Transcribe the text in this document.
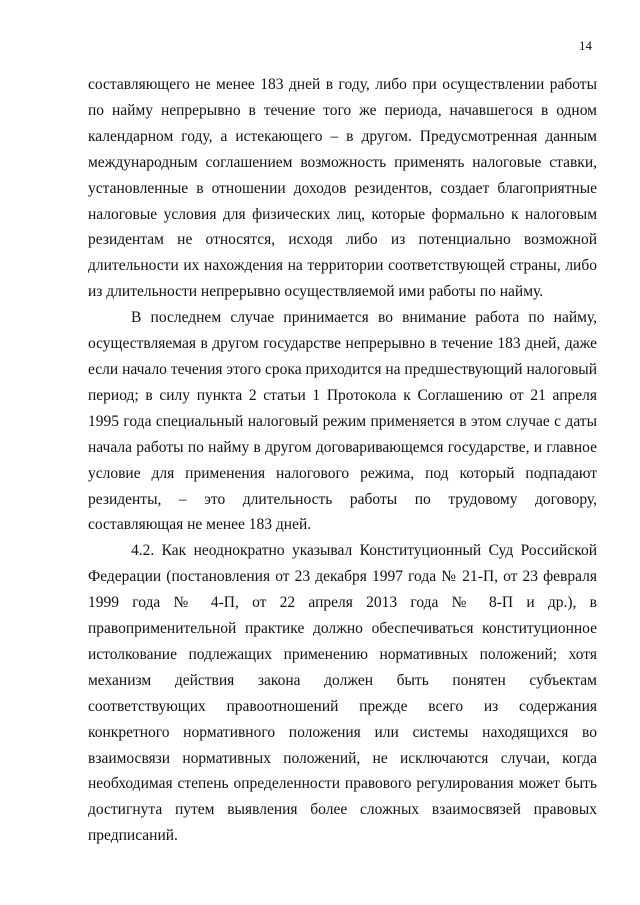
14

составляющего не менее 183 дней в году, либо при осуществлении работы по найму непрерывно в течение того же периода, начавшегося в одном календарном году, а истекающего – в другом. Предусмотренная данным международным соглашением возможность применять налоговые ставки, установленные в отношении доходов резидентов, создает благоприятные налоговые условия для физических лиц, которые формально к налоговым резидентам не относятся, исходя либо из потенциально возможной длительности их нахождения на территории соответствующей страны, либо из длительности непрерывно осуществляемой ими работы по найму.

В последнем случае принимается во внимание работа по найму, осуществляемая в другом государстве непрерывно в течение 183 дней, даже если начало течения этого срока приходится на предшествующий налоговый период; в силу пункта 2 статьи 1 Протокола к Соглашению от 21 апреля 1995 года специальный налоговый режим применяется в этом случае с даты начала работы по найму в другом договаривающемся государстве, и главное условие для применения налогового режима, под который подпадают резиденты, – это длительность работы по трудовому договору, составляющая не менее 183 дней.

4.2. Как неоднократно указывал Конституционный Суд Российской Федерации (постановления от 23 декабря 1997 года № 21-П, от 23 февраля 1999 года № 4-П, от 22 апреля 2013 года № 8-П и др.), в правоприменительной практике должно обеспечиваться конституционное истолкование подлежащих применению нормативных положений; хотя механизм действия закона должен быть понятен субъектам соответствующих правоотношений прежде всего из содержания конкретного нормативного положения или системы находящихся во взаимосвязи нормативных положений, не исключаются случаи, когда необходимая степень определенности правового регулирования может быть достигнута путем выявления более сложных взаимосвязей правовых предписаний.
